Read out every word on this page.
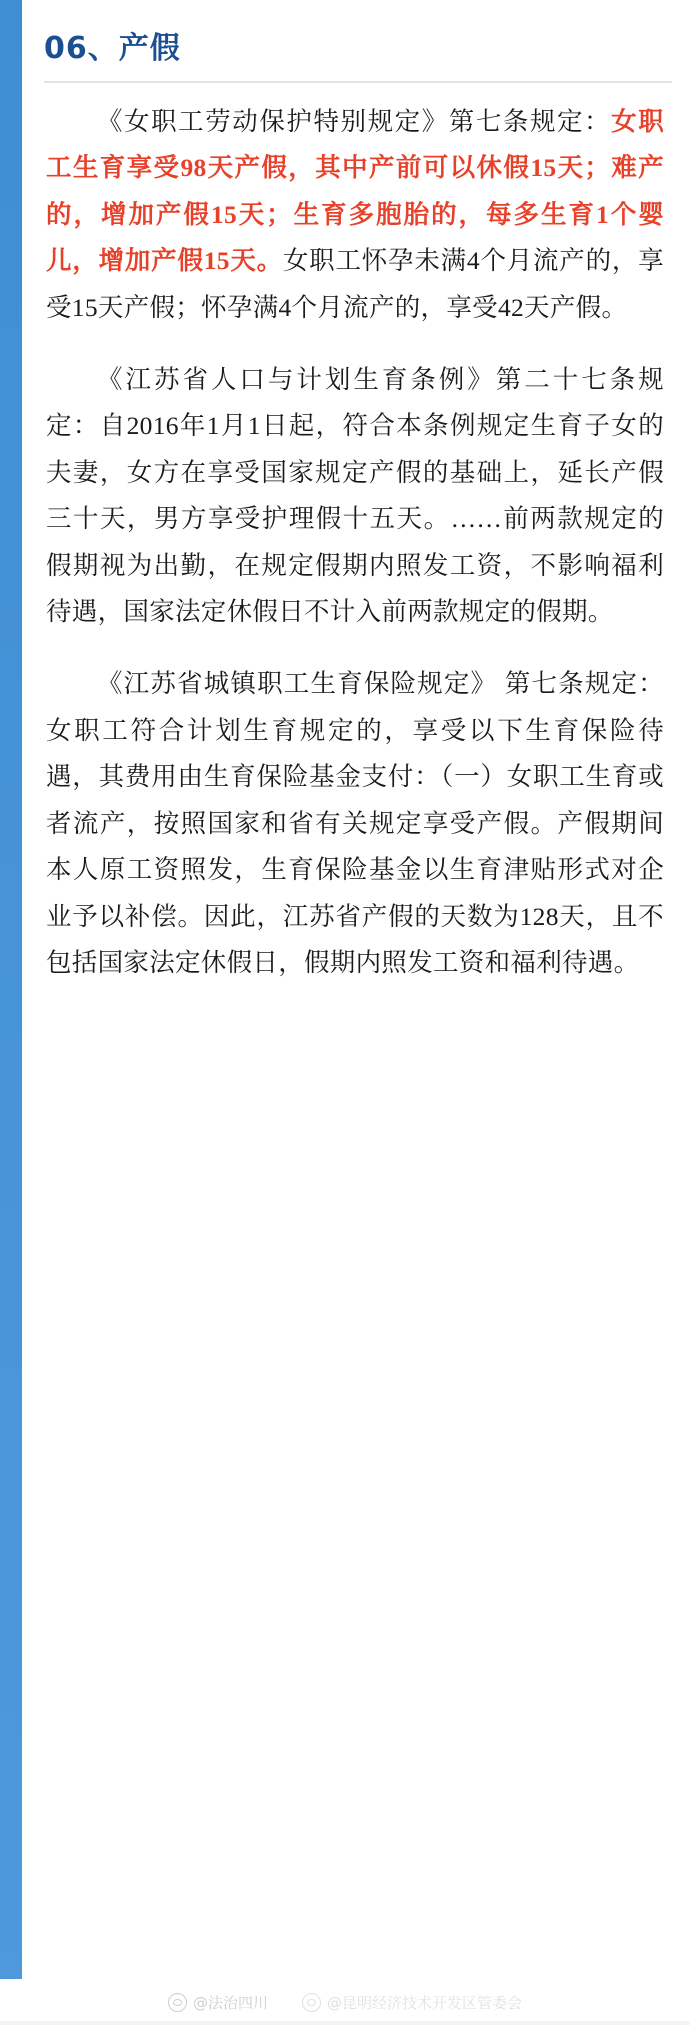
06、产假

《女职工劳动保护特别规定》第七条规定：女职工生育享受98天产假，其中产前可以休假15天；难产的，增加产假15天；生育多胞胎的，每多生育1个婴儿，增加产假15天。女职工怀孕未满4个月流产的，享受15天产假；怀孕满4个月流产的，享受42天产假。

《江苏省人口与计划生育条例》第二十七条规定：自2016年1月1日起，符合本条例规定生育子女的夫妻，女方在享受国家规定产假的基础上，延长产假三十天，男方享受护理假十五天。……前两款规定的假期视为出勤，在规定假期内照发工资，不影响福利待遇，国家法定休假日不计入前两款规定的假期。

《江苏省城镇职工生育保险规定》 第七条规定：女职工符合计划生育规定的，享受以下生育保险待遇，其费用由生育保险基金支付：（一）女职工生育或者流产，按照国家和省有关规定享受产假。产假期间本人原工资照发，生育保险基金以生育津贴形式对企业予以补偿。因此，江苏省产假的天数为128天，且不包括国家法定休假日，假期内照发工资和福利待遇。

@法治四川	@昆明经济技术开发区管委会
